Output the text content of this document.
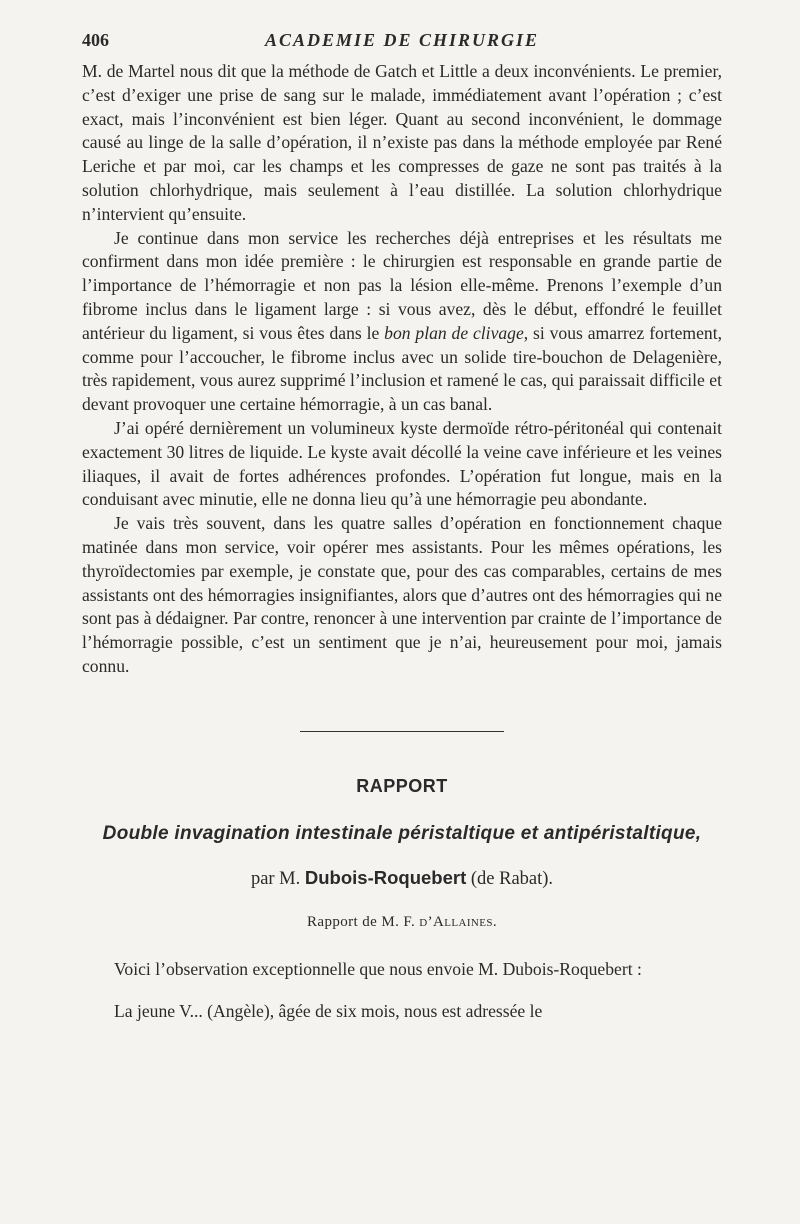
406	ACADEMIE DE CHIRURGIE

M. de Martel nous dit que la méthode de Gatch et Little a deux inconvénients. Le premier, c’est d’exiger une prise de sang sur le malade, immédiatement avant l’opération ; c’est exact, mais l’inconvénient est bien léger. Quant au second inconvénient, le dommage causé au linge de la salle d’opération, il n’existe pas dans la méthode employée par René Leriche et par moi, car les champs et les compresses de gaze ne sont pas traités à la solution chlorhydrique, mais seulement à l’eau distillée. La solution chlorhydrique n’intervient qu’ensuite.

Je continue dans mon service les recherches déjà entreprises et les résultats me confirment dans mon idée première : le chirurgien est responsable en grande partie de l’importance de l’hémorragie et non pas la lésion elle-même. Prenons l’exemple d’un fibrome inclus dans le ligament large : si vous avez, dès le début, effondré le feuillet antérieur du ligament, si vous êtes dans le bon plan de clivage, si vous amarrez fortement, comme pour l’accoucher, le fibrome inclus avec un solide tire-bouchon de Delagenière, très rapidement, vous aurez supprimé l’inclusion et ramené le cas, qui paraissait difficile et devant provoquer une certaine hémorragie, à un cas banal.

J’ai opéré dernièrement un volumineux kyste dermoïde rétro-péritonéal qui contenait exactement 30 litres de liquide. Le kyste avait décollé la veine cave inférieure et les veines iliaques, il avait de fortes adhérences profondes. L’opération fut longue, mais en la conduisant avec minutie, elle ne donna lieu qu’à une hémorragie peu abondante.

Je vais très souvent, dans les quatre salles d’opération en fonctionnement chaque matinée dans mon service, voir opérer mes assistants. Pour les mêmes opérations, les thyroïdectomies par exemple, je constate que, pour des cas comparables, certains de mes assistants ont des hémorragies insignifiantes, alors que d’autres ont des hémorragies qui ne sont pas à dédaigner. Par contre, renoncer à une intervention par crainte de l’importance de l’hémorragie possible, c’est un sentiment que je n’ai, heureusement pour moi, jamais connu.

RAPPORT
Double invagination intestinale péristaltique et antipéristaltique,
par M. Dubois-Roquebert (de Rabat).
Rapport de M. F. d’Allaines.

Voici l’observation exceptionnelle que nous envoie M. Dubois-Roquebert :

La jeune V... (Angèle), âgée de six mois, nous est adressée le
